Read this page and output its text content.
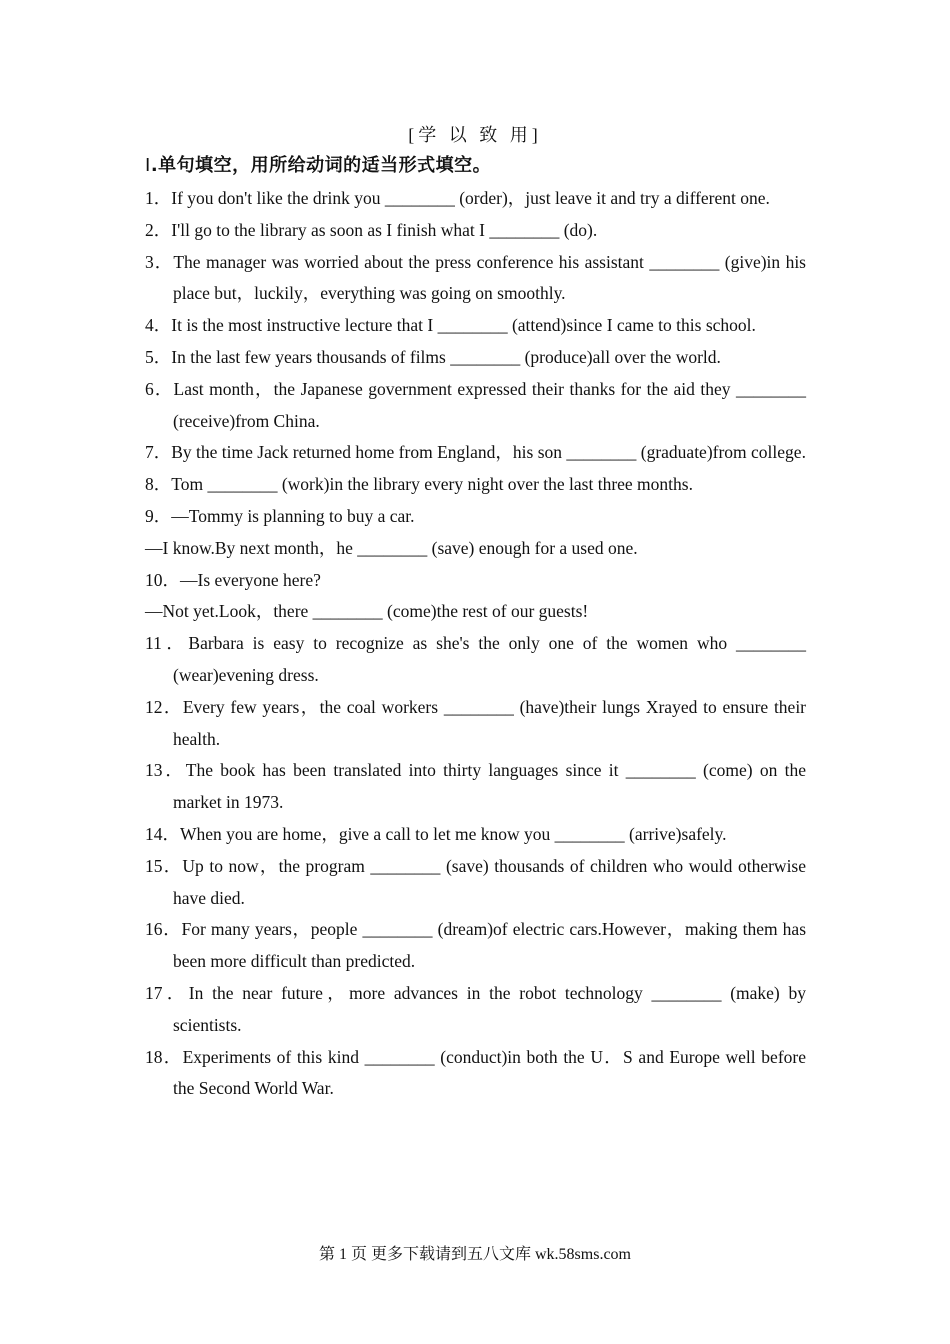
[学 以 致 用]
Ⅰ.单句填空，用所给动词的适当形式填空。
1．If you don't like the drink you ________ (order)，just leave it and try a different one.
2．I'll go to the library as soon as I finish what I ________ (do).
3．The manager was worried about the press conference his assistant ________ (give)in his place but，luckily，everything was going on smoothly.
4．It is the most instructive lecture that I ________ (attend)since I came to this school.
5．In the last few years thousands of films ________ (produce)all over the world.
6．Last month，the Japanese government expressed their thanks for the aid they ________ (receive)from China.
7．By the time Jack returned home from England，his son ________ (graduate)from college.
8．Tom ________ (work)in the library every night over the last three months.
9．—Tommy is planning to buy a car.
—I know.By next month，he ________ (save) enough for a used one.
10．—Is everyone here?
—Not yet.Look，there ________ (come)the rest of our guests!
11．Barbara is easy to recognize as she's the only one of the women who ________ (wear)evening dress.
12．Every few years，the coal workers ________ (have)their lungs Xrayed to ensure their health.
13．The book has been translated into thirty languages since it ________ (come) on the market in 1973.
14．When you are home，give a call to let me know you ________ (arrive)safely.
15．Up to now，the program ________ (save) thousands of children who would otherwise have died.
16．For many years，people ________ (dream)of electric cars.However，making them has been more difficult than predicted.
17．In the near future，more advances in the robot technology ________ (make) by scientists.
18．Experiments of this kind ________ (conduct)in both the U．S and Europe well before the Second World War.
第 1 页 更多下载请到五八文库 wk.58sms.com
